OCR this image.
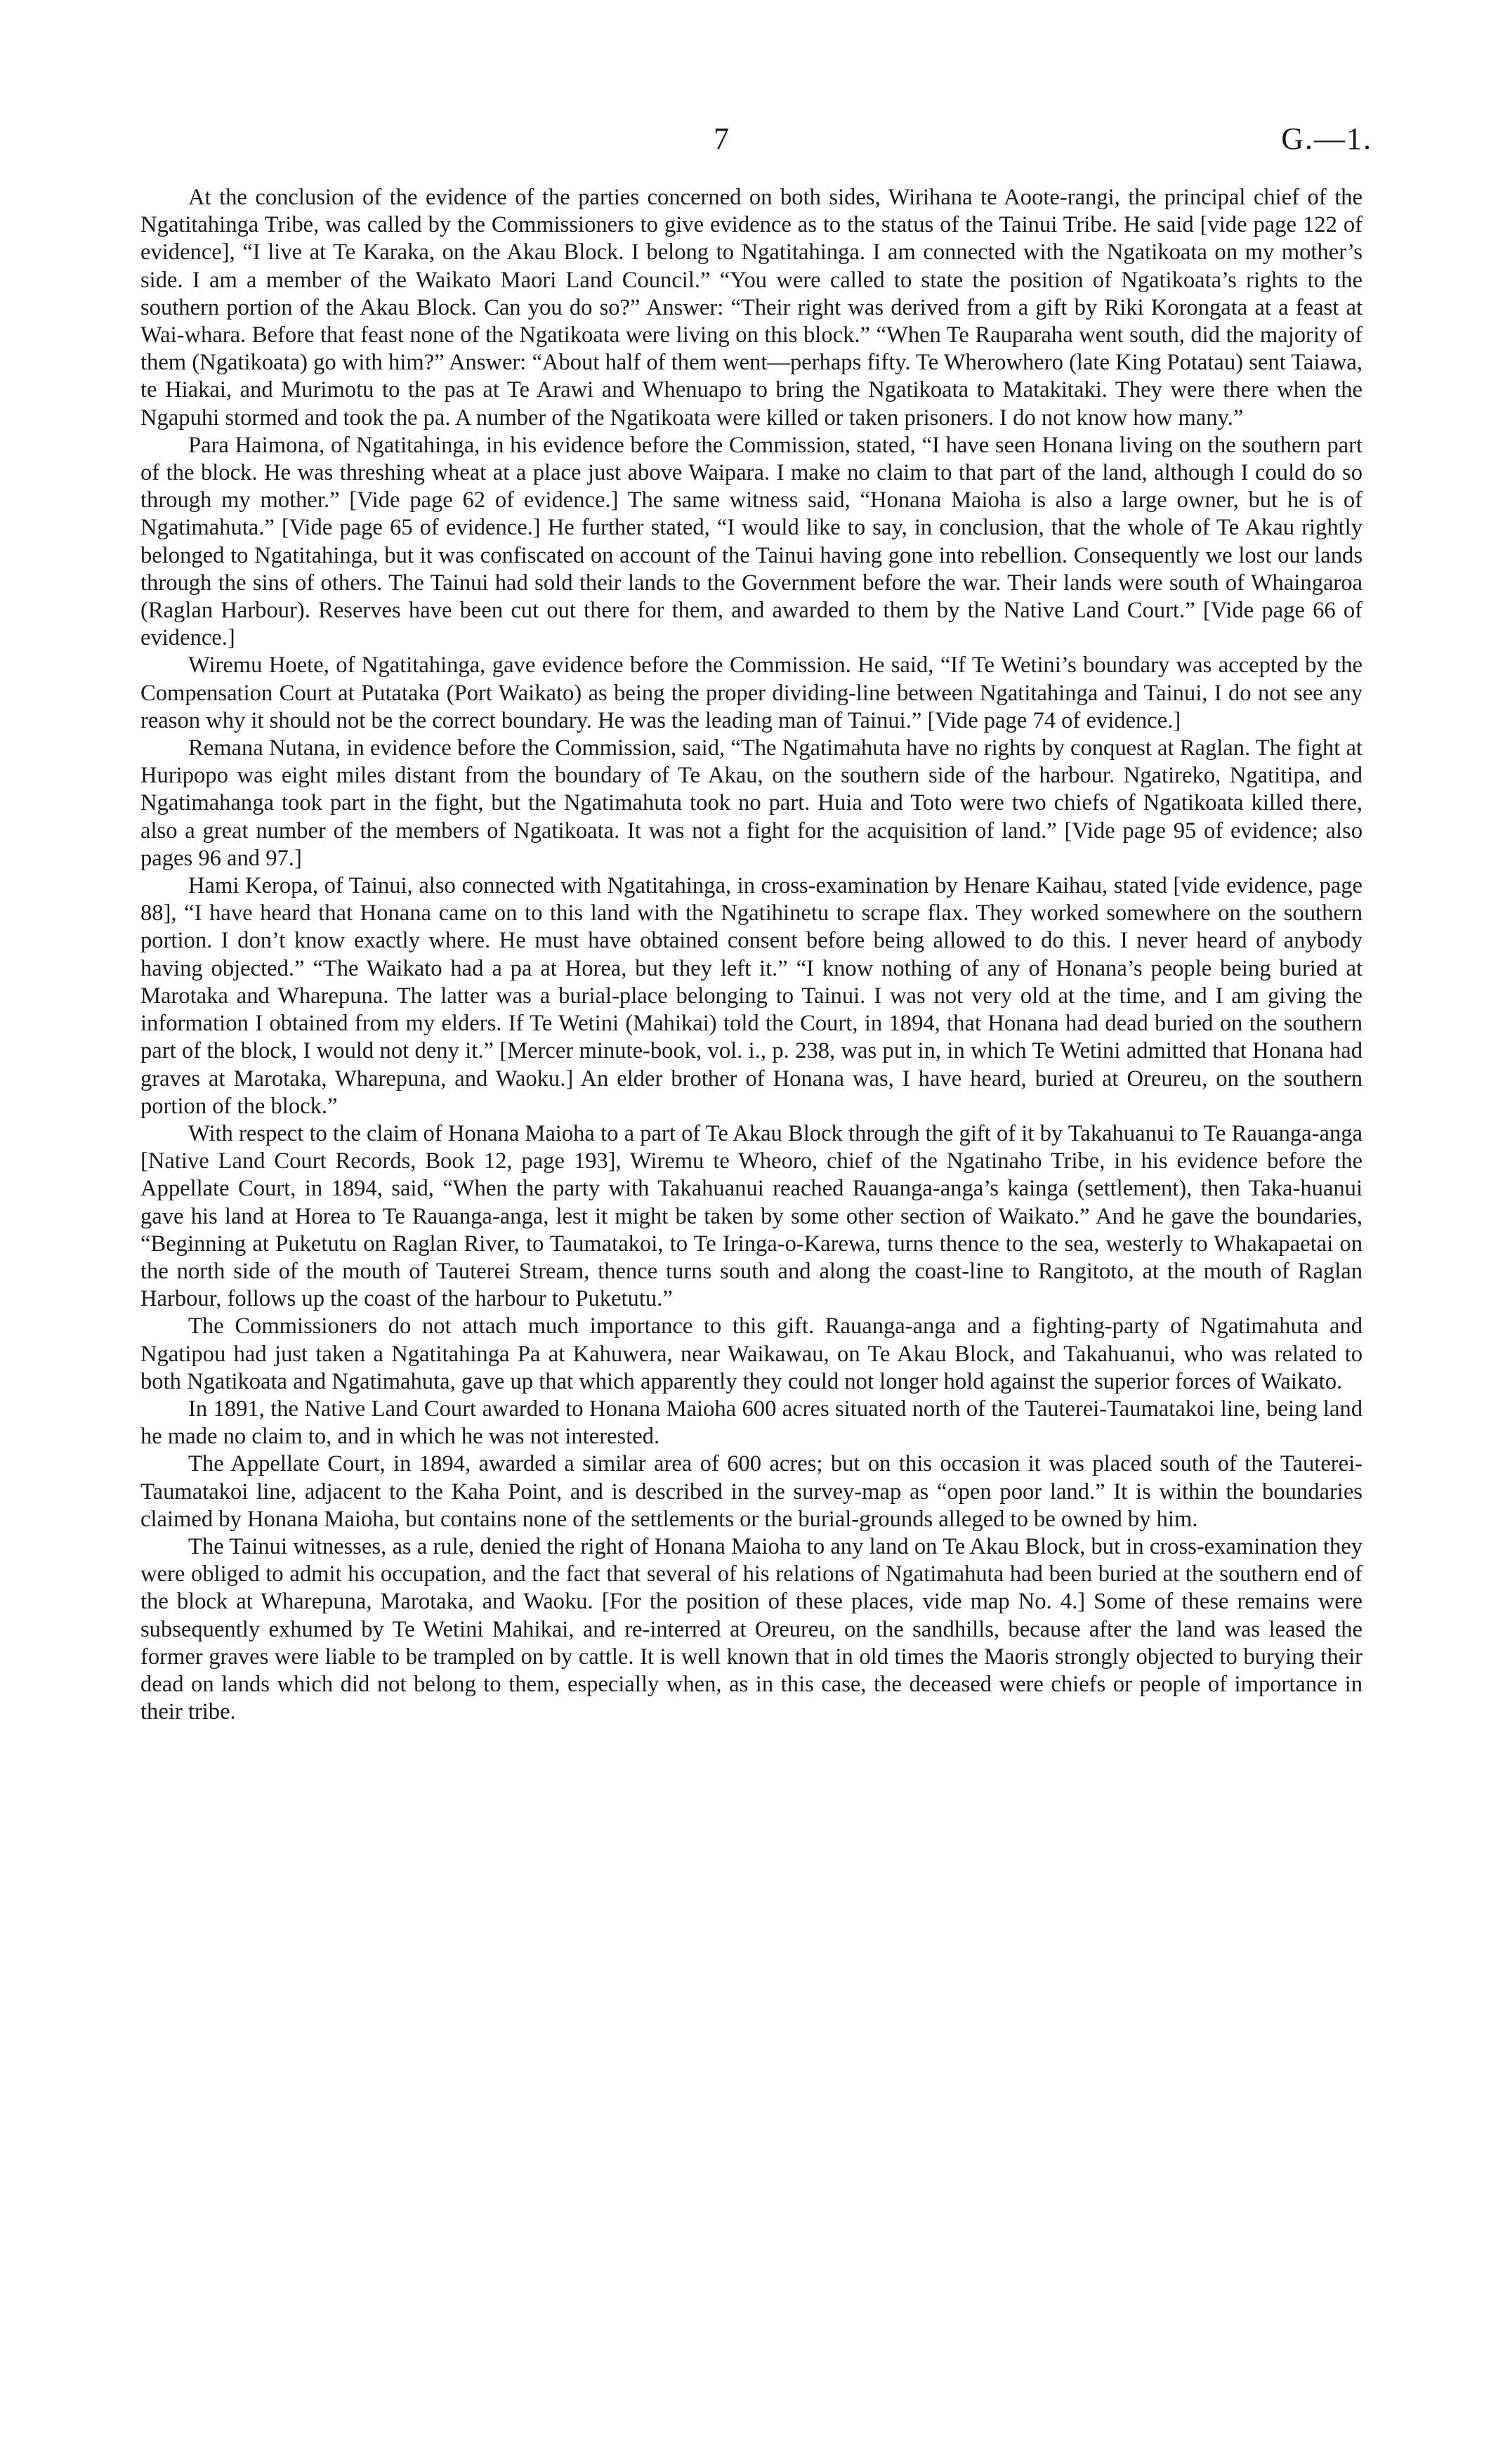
7	G.—1.

At the conclusion of the evidence of the parties concerned on both sides, Wirihana te Aoote-rangi, the principal chief of the Ngatitahinga Tribe, was called by the Commissioners to give evidence as to the status of the Tainui Tribe. He said [vide page 122 of evidence], “I live at Te Karaka, on the Akau Block. I belong to Ngatitahinga. I am connected with the Ngatikoata on my mother’s side. I am a member of the Waikato Maori Land Council.” “You were called to state the position of Ngatikoata’s rights to the southern portion of the Akau Block. Can you do so?” Answer: “Their right was derived from a gift by Riki Korongata at a feast at Wai-whara. Before that feast none of the Ngatikoata were living on this block.” “When Te Rauparaha went south, did the majority of them (Ngatikoata) go with him?” Answer: “About half of them went—perhaps fifty. Te Wherowhero (late King Potatau) sent Taiawa, te Hiakai, and Murimotu to the pas at Te Arawi and Whenuapo to bring the Ngatikoata to Matakitaki. They were there when the Ngapuhi stormed and took the pa. A number of the Ngatikoata were killed or taken prisoners. I do not know how many.”

Para Haimona, of Ngatitahinga, in his evidence before the Commission, stated, “I have seen Honana living on the southern part of the block. He was threshing wheat at a place just above Waipara. I make no claim to that part of the land, although I could do so through my mother.” [Vide page 62 of evidence.] The same witness said, “Honana Maioha is also a large owner, but he is of Ngatimahuta.” [Vide page 65 of evidence.] He further stated, “I would like to say, in conclusion, that the whole of Te Akau rightly belonged to Ngatitahinga, but it was confiscated on account of the Tainui having gone into rebellion. Consequently we lost our lands through the sins of others. The Tainui had sold their lands to the Government before the war. Their lands were south of Whaingaroa (Raglan Harbour). Reserves have been cut out there for them, and awarded to them by the Native Land Court.” [Vide page 66 of evidence.]

Wiremu Hoete, of Ngatitahinga, gave evidence before the Commission. He said, “If Te Wetini’s boundary was accepted by the Compensation Court at Putataka (Port Waikato) as being the proper dividing-line between Ngatitahinga and Tainui, I do not see any reason why it should not be the correct boundary. He was the leading man of Tainui.” [Vide page 74 of evidence.]

Remana Nutana, in evidence before the Commission, said, “The Ngatimahuta have no rights by conquest at Raglan. The fight at Huripopo was eight miles distant from the boundary of Te Akau, on the southern side of the harbour. Ngatireko, Ngatitipa, and Ngatimahanga took part in the fight, but the Ngatimahuta took no part. Huia and Toto were two chiefs of Ngatikoata killed there, also a great number of the members of Ngatikoata. It was not a fight for the acquisition of land.” [Vide page 95 of evidence; also pages 96 and 97.]

Hami Keropa, of Tainui, also connected with Ngatitahinga, in cross-examination by Henare Kaihau, stated [vide evidence, page 88], “I have heard that Honana came on to this land with the Ngatihinetu to scrape flax. They worked somewhere on the southern portion. I don’t know exactly where. He must have obtained consent before being allowed to do this. I never heard of anybody having objected.” “The Waikato had a pa at Horea, but they left it.” “I know nothing of any of Honana’s people being buried at Marotaka and Wharepuna. The latter was a burial-place belonging to Tainui. I was not very old at the time, and I am giving the information I obtained from my elders. If Te Wetini (Mahikai) told the Court, in 1894, that Honana had dead buried on the southern part of the block, I would not deny it.” [Mercer minute-book, vol. i., p. 238, was put in, in which Te Wetini admitted that Honana had graves at Marotaka, Wharepuna, and Waoku.] An elder brother of Honana was, I have heard, buried at Oreureu, on the southern portion of the block.”

With respect to the claim of Honana Maioha to a part of Te Akau Block through the gift of it by Takahuanui to Te Rauanga-anga [Native Land Court Records, Book 12, page 193], Wiremu te Wheoro, chief of the Ngatinaho Tribe, in his evidence before the Appellate Court, in 1894, said, “When the party with Takahuanui reached Rauanga-anga’s kainga (settlement), then Taka-huanui gave his land at Horea to Te Rauanga-anga, lest it might be taken by some other section of Waikato.” And he gave the boundaries, “Beginning at Puketutu on Raglan River, to Taumatakoi, to Te Iringa-o-Karewa, turns thence to the sea, westerly to Whakapaetai on the north side of the mouth of Tauterei Stream, thence turns south and along the coast-line to Rangitoto, at the mouth of Raglan Harbour, follows up the coast of the harbour to Puketutu.”

The Commissioners do not attach much importance to this gift. Rauanga-anga and a fighting-party of Ngatimahuta and Ngatipou had just taken a Ngatitahinga Pa at Kahuwera, near Waikawau, on Te Akau Block, and Takahuanui, who was related to both Ngatikoata and Ngatimahuta, gave up that which apparently they could not longer hold against the superior forces of Waikato.

In 1891, the Native Land Court awarded to Honana Maioha 600 acres situated north of the Tauterei-Taumatakoi line, being land he made no claim to, and in which he was not interested.

The Appellate Court, in 1894, awarded a similar area of 600 acres; but on this occasion it was placed south of the Tauterei-Taumatakoi line, adjacent to the Kaha Point, and is described in the survey-map as “open poor land.” It is within the boundaries claimed by Honana Maioha, but contains none of the settlements or the burial-grounds alleged to be owned by him.

The Tainui witnesses, as a rule, denied the right of Honana Maioha to any land on Te Akau Block, but in cross-examination they were obliged to admit his occupation, and the fact that several of his relations of Ngatimahuta had been buried at the southern end of the block at Wharepuna, Marotaka, and Waoku. [For the position of these places, vide map No. 4.] Some of these remains were subsequently exhumed by Te Wetini Mahikai, and re-interred at Oreureu, on the sandhills, because after the land was leased the former graves were liable to be trampled on by cattle. It is well known that in old times the Maoris strongly objected to burying their dead on lands which did not belong to them, especially when, as in this case, the deceased were chiefs or people of importance in their tribe.
